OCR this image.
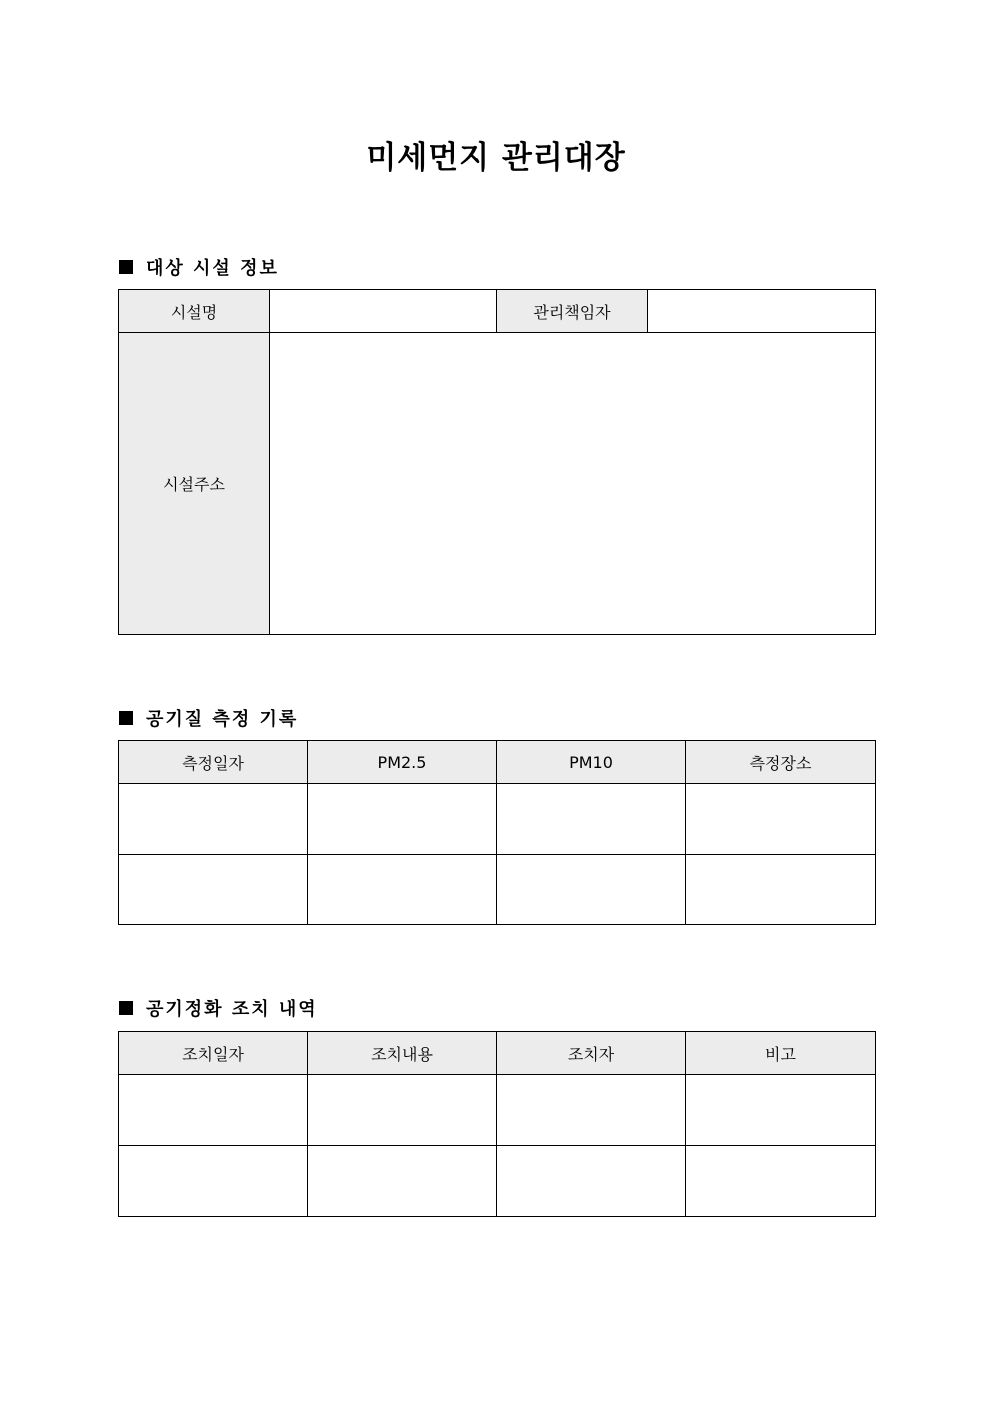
미세먼지 관리대장
대상 시설 정보
시설명		관리책임자	
시설주소			
공기질 측정 기록
측정일자	PM2.5	PM10	측정장소

공기정화 조치 내역
조치일자	조치내용	조치자	비고
